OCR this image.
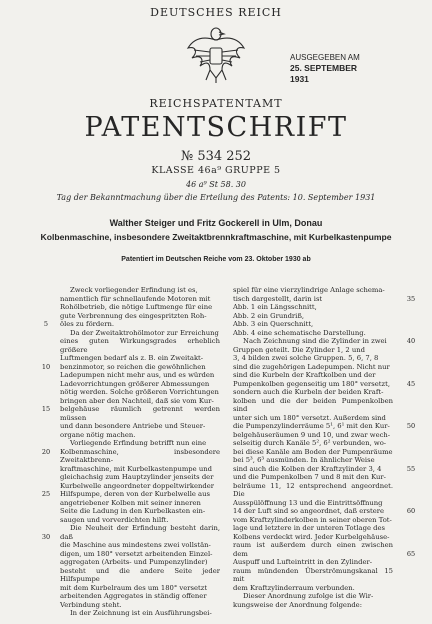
DEUTSCHES REICH
AUSGEGEBEN AM
25. SEPTEMBER 1931
REICHSPATENTAMT
PATENTSCHRIFT
№ 534 252
KLASSE 46a⁹ GRUPPE 5
46 a⁹ St 58. 30
Tag der Bekanntmachung über die Erteilung des Patents: 10. September 1931
Walther Steiger und Fritz Gockerell in Ulm, Donau
Kolbenmaschine, insbesondere Zweitaktbrennkraftmaschine, mit Kurbelkastenpumpe
Patentiert im Deutschen Reiche vom 23. Oktober 1930 ab
5
10
15
20
25
30
Zweck vorliegender Erfindung ist es,
namentlich für schnellaufende Motoren mit
Rohölbetrieb, die nötige Luftmenge für eine
gute Verbrennung des eingespritzten Roh-
öles zu fördern.
Da der Zweitaktrohölmotor zur Erreichung
eines guten Wirkungsgrades erheblich größere
Luftmengen bedarf als z. B. ein Zweitakt-
benzinmotor, so reichen die gewöhnlichen
Ladepumpen nicht mehr aus, und es würden
Ladevorrichtungen größerer Abmessungen
nötig werden. Solche größeren Vorrichtungen
bringen aber den Nachteil, daß sie vom Kur-
belgehäuse räumlich getrennt werden müssen
und dann besondere Antriebe und Steuer-
organe nötig machen.
Vorliegende Erfindung betrifft nun eine
Kolbenmaschine, insbesondere Zweitaktbrenn-
kraftmaschine, mit Kurbelkastenpumpe und
gleichachsig zum Hauptzylinder jenseits der
Kurbelwelle angeordneter doppeltwirkender
Hilfspumpe, deren von der Kurbelwelle aus
angetriebener Kolben mit seiner inneren
Seite die Ladung in den Kurbelkasten ein-
saugen und vorverdichten hilft.
Die Neuheit der Erfindung besteht darin, daß
die Maschine aus mindestens zwei vollstän-
digen, um 180° versetzt arbeitenden Einzel-
aggregaten (Arbeits- und Pumpenzylinder)
besteht und die andere Seite jeder Hilfspumpe
mit dem Kurbelraum des um 180° versetzt
arbeitenden Aggregates in ständig offener
Verbindung steht.
In der Zeichnung ist ein Ausführungsbei-
spiel für eine vierzylindrige Anlage schema-
tisch dargestellt, darin ist
Abb. 1 ein Längsschnitt,
Abb. 2 ein Grundriß,
Abb. 3 ein Querschnitt,
Abb. 4 eine schematische Darstellung.
Nach Zeichnung sind die Zylinder in zwei
Gruppen geteilt. Die Zylinder 1, 2 und
3, 4 bilden zwei solche Gruppen. 5, 6, 7, 8
sind die zugehörigen Ladepumpen. Nicht nur
sind die Kurbeln der Kraftkolben und der
Pumpenkolben gegenseitig um 180° versetzt,
sondern auch die Kurbeln der beiden Kraft-
kolben und die der beiden Pumpenkolben sind
unter sich um 180° versetzt. Außerdem sind
die Pumpenzylinderräume 5¹, 6¹ mit den Kur-
belgehäuseräumen 9 und 10, und zwar wech-
selseitig durch Kanäle 5², 6² verbunden, wo-
bei diese Kanäle am Boden der Pumpenräume
bei 5³, 6³ ausmünden. In ähnlicher Weise
sind auch die Kolben der Kraftzylinder 3, 4
und die Pumpenkolben 7 und 8 mit den Kur-
belräume 11, 12 entsprechend angeordnet. Die
Ausspülöffnung 13 und die Eintrittsöffnung
14 der Luft sind so angeordnet, daß erstere
vom Kraftzylinderkolben in seiner oberen Tot-
lage und letztere in der unteren Totlage des
Kolbens verdeckt wird. Jeder Kurbelgehäuse-
raum ist außerdem durch einen zwischen dem
Auspuff und Lufteintritt in den Zylinder-
raum mündenden Überströmungskanal 15 mit
dem Kraftzylinderraum verbunden.
Dieser Anordnung zufolge ist die Wir-
kungsweise der Anordnung folgende:
35
40
45
50
55
60
65
